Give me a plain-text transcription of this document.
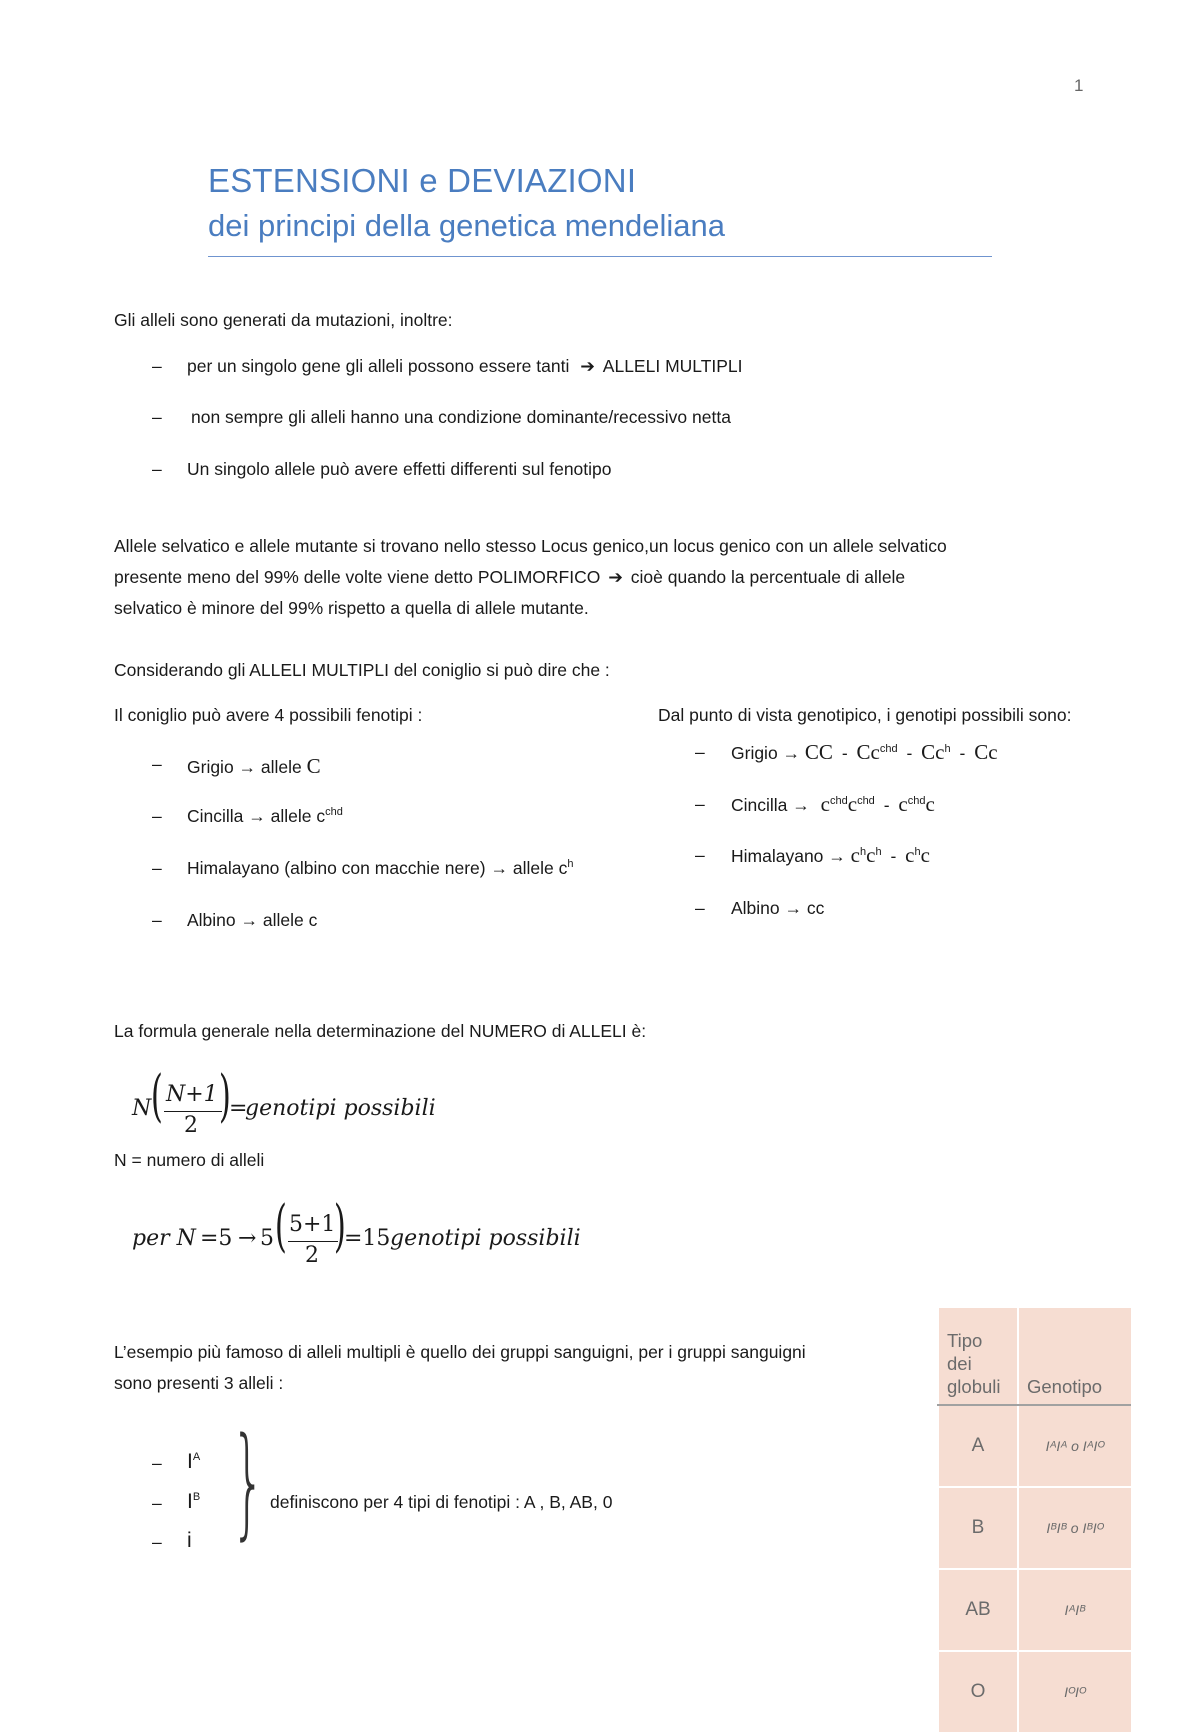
1
ESTENSIONI e DEVIAZIONI
dei principi della genetica mendeliana
Gli alleli sono generati da mutazioni, inoltre:
– per un singolo gene gli alleli possono essere tanti ➔ ALLELI MULTIPLI
– non sempre gli alleli hanno una condizione dominante/recessivo netta
– Un singolo allele può avere effetti differenti sul fenotipo
Allele selvatico e allele mutante si trovano nello stesso Locus genico,un locus genico con un allele selvatico
presente meno del 99% delle volte viene detto POLIMORFICO ➔ cioè quando la percentuale di allele
selvatico è minore del 99% rispetto a quella di allele mutante.
Considerando gli ALLELI MULTIPLI del coniglio si può dire che :
Il coniglio può avere 4 possibili fenotipi :
– Grigio → allele C
– Cincilla → allele $c^{chd}$
– Himalayano (albino con macchie nere) → allele $c^h$
– Albino → allele c
Dal punto di vista genotipico, i genotipi possibili sono:
– Grigio → CC - $Cc^{chd} - Cc^h$ - Cc
– Cincilla → $c^{chd}c^{chd} - c^{chd}c$
– Himalayano → $c^hc^h - c^hc$
– Albino → cc
La formula generale nella determinazione del NUMERO di ALLELI è:
N ( N+1
2 )
=
genotipi possibili
N = numero di alleli
per N =5 → 5 ( 5+1
2 )
=15 genotipi possibili
L’esempio più famoso di alleli multipli è quello dei gruppi sanguigni, per i gruppi sanguigni
sono presenti 3 alleli :
– $I^A$
– $I^B$
– i } definiscono per 4 tipi di fenotipi : A , B, AB, 0
Tipo
dei
globuli	Genotipo
A	IᴬIᴬ o IᴬIᴼ
B	IᴮIᴮ o IᴮIᴼ
AB	IᴬIᴮ
O	IᴼIᴼ
